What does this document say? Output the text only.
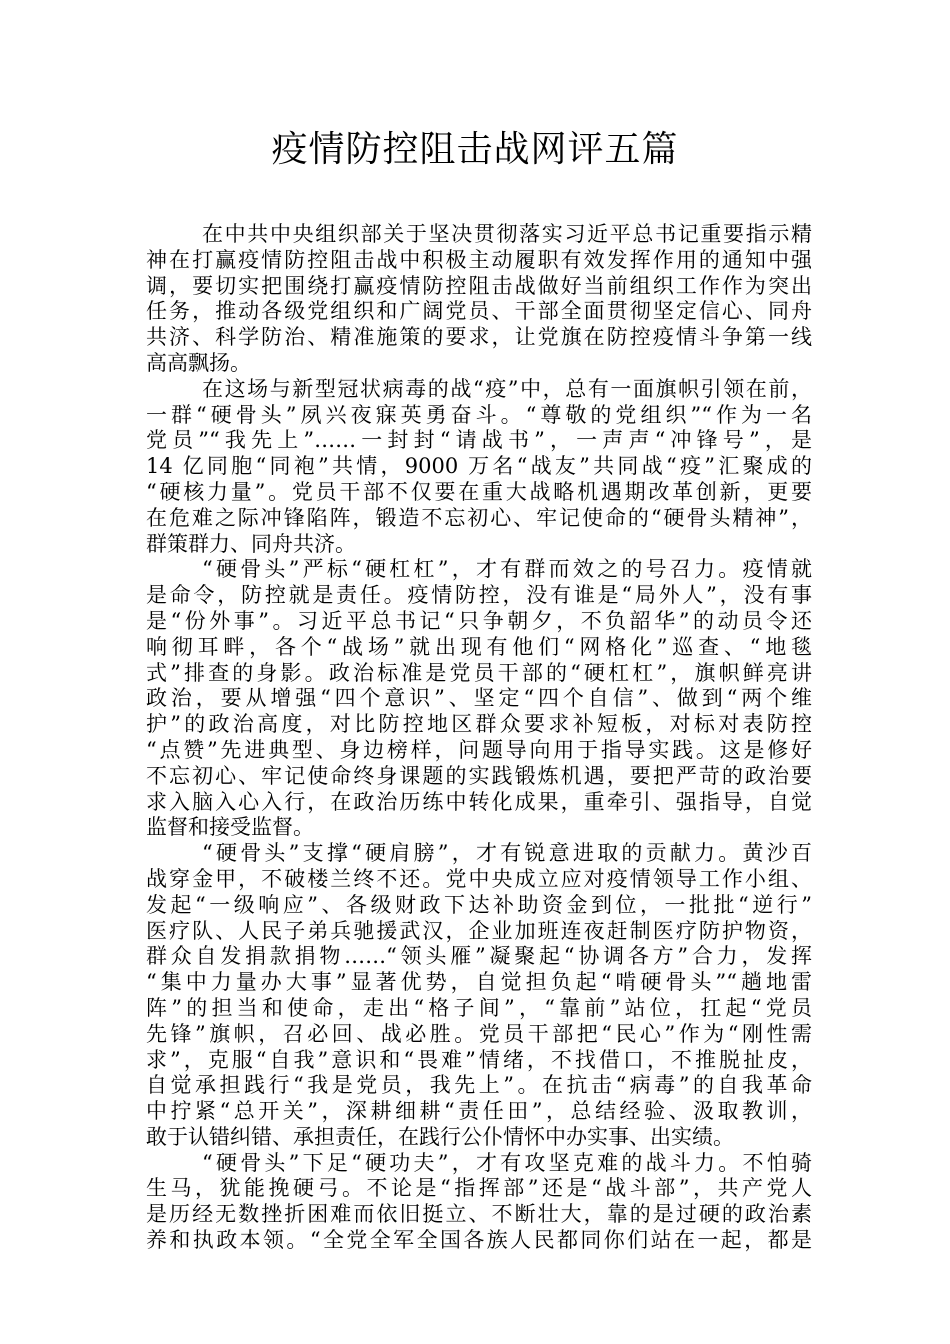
疫情防控阻击战网评五篇
在中共中央组织部关于坚决贯彻落实习近平总书记重要指示精
神在打赢疫情防控阻击战中积极主动履职有效发挥作用的通知中强
调，要切实把围绕打赢疫情防控阻击战做好当前组织工作作为突出
任务，推动各级党组织和广阔党员、干部全面贯彻坚定信心、同舟
共济、科学防治、精准施策的要求，让党旗在防控疫情斗争第一线
高高飘扬。
在这场与新型冠状病毒的战“疫”中，总有一面旗帜引领在前，
一群“硬骨头”夙兴夜寐英勇奋斗。“尊敬的党组织”“作为一名
党员”“我先上”……一封封“请战书”，一声声“冲锋号”，是
14 亿同胞“同袍”共情，9000 万名“战友”共同战“疫”汇聚成的
“硬核力量”。党员干部不仅要在重大战略机遇期改革创新，更要
在危难之际冲锋陷阵，锻造不忘初心、牢记使命的“硬骨头精神”，
群策群力、同舟共济。
“硬骨头”严标“硬杠杠”，才有群而效之的号召力。疫情就
是命令，防控就是责任。疫情防控，没有谁是“局外人”，没有事
是“份外事”。习近平总书记“只争朝夕，不负韶华”的动员令还
响彻耳畔，各个“战场”就出现有他们“网格化”巡查、“地毯
式”排查的身影。政治标准是党员干部的“硬杠杠”，旗帜鲜亮讲
政治，要从增强“四个意识”、坚定“四个自信”、做到“两个维
护”的政治高度，对比防控地区群众要求补短板，对标对表防控
“点赞”先进典型、身边榜样，问题导向用于指导实践。这是修好
不忘初心、牢记使命终身课题的实践锻炼机遇，要把严苛的政治要
求入脑入心入行，在政治历练中转化成果，重牵引、强指导，自觉
监督和接受监督。
“硬骨头”支撑“硬肩膀”，才有锐意进取的贡献力。黄沙百
战穿金甲，不破楼兰终不还。党中央成立应对疫情领导工作小组、
发起“一级响应”、各级财政下达补助资金到位，一批批“逆行”
医疗队、人民子弟兵驰援武汉，企业加班连夜赶制医疗防护物资，
群众自发捐款捐物……“领头雁”凝聚起“协调各方”合力，发挥
“集中力量办大事”显著优势，自觉担负起“啃硬骨头”“趟地雷
阵”的担当和使命，走出“格子间”，“靠前”站位，扛起“党员
先锋”旗帜，召必回、战必胜。党员干部把“民心”作为“刚性需
求”，克服“自我”意识和“畏难”情绪，不找借口，不推脱扯皮，
自觉承担践行“我是党员，我先上”。在抗击“病毒”的自我革命
中拧紧“总开关”，深耕细耕“责任田”，总结经验、汲取教训，
敢于认错纠错、承担责任，在践行公仆情怀中办实事、出实绩。
“硬骨头”下足“硬功夫”，才有攻坚克难的战斗力。不怕骑
生马，犹能挽硬弓。不论是“指挥部”还是“战斗部”，共产党人
是历经无数挫折困难而依旧挺立、不断壮大，靠的是过硬的政治素
养和执政本领。“全党全军全国各族人民都同你们站在一起，都是
